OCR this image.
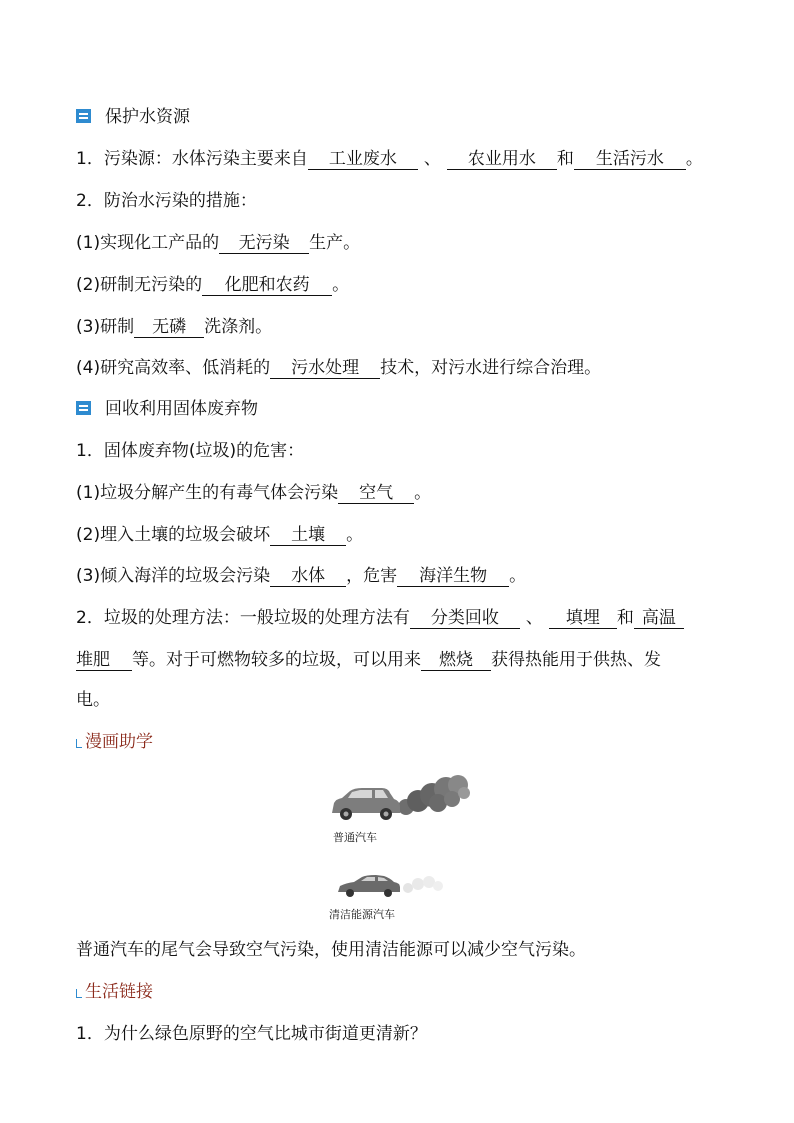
保护水资源
1．污染源：水体污染主要来自 工业废水 、 农业用水 和 生活污水 。
2．防治水污染的措施：
(1)实现化工产品的 无污染 生产。
(2)研制无污染的 化肥和农药 。
(3)研制 无磷 洗涤剂。
(4)研究高效率、低消耗的 污水处理 技术，对污水进行综合治理。
回收利用固体废弃物
1．固体废弃物(垃圾)的危害：
(1)垃圾分解产生的有毒气体会污染 空气 。
(2)埋入土壤的垃圾会破坏 土壤 。
(3)倾入海洋的垃圾会污染 水体 ，危害 海洋生物 。
2．垃圾的处理方法：一般垃圾的处理方法有 分类回收 、 填埋 和 高温
堆肥 等。对于可燃物较多的垃圾，可以用来 燃烧 获得热能用于供热、发
电。
漫画助学
普通汽车
清洁能源汽车
普通汽车的尾气会导致空气污染，使用清洁能源可以减少空气污染。
生活链接
1．为什么绿色原野的空气比城市街道更清新？
